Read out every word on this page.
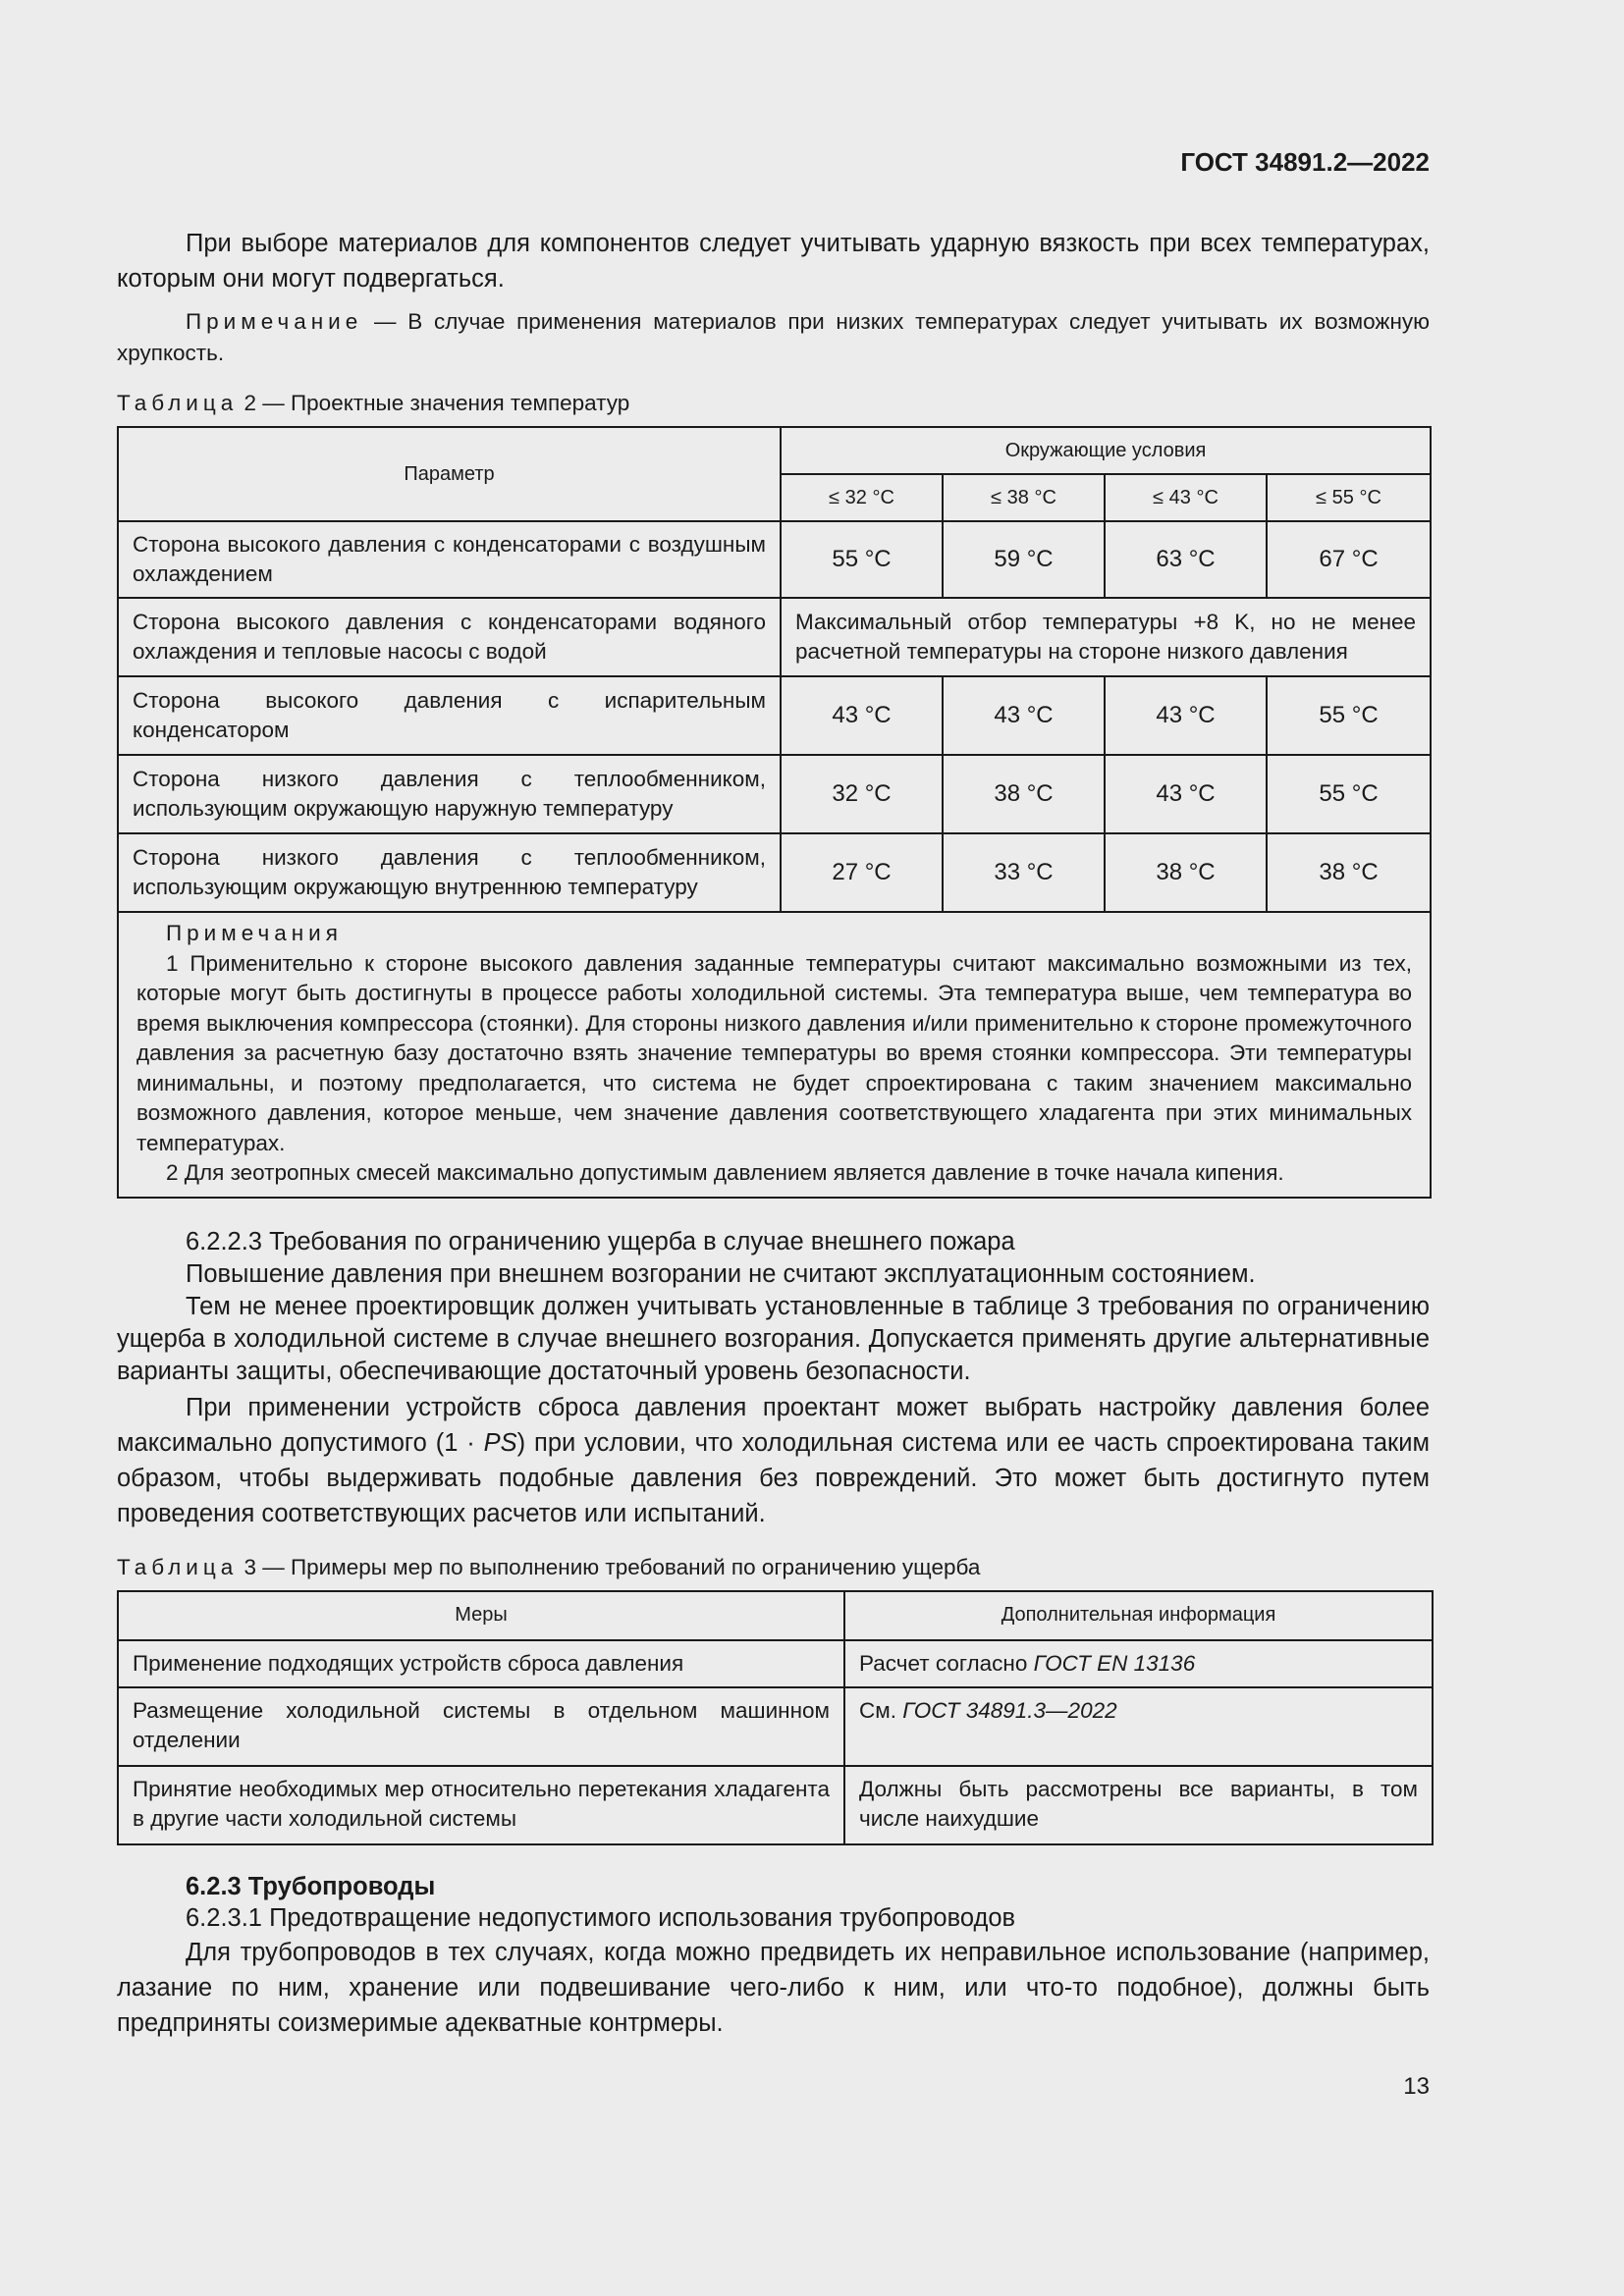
ГОСТ 34891.2—2022

При выборе материалов для компонентов следует учитывать ударную вязкость при всех температурах, которым они могут подвергаться.

Примечание — В случае применения материалов при низких температурах следует учитывать их возможную хрупкость.

Таблица 2 — Проектные значения температур

Параметр	Окружающие условия			
	≤ 32 °C	≤ 38 °C	≤ 43 °C	≤ 55 °C
Сторона высокого давления с конденсаторами с воздушным охлаждением	55 °C	59 °C	63 °C	67 °C
Сторона высокого давления с конденсаторами водяного охлаждения и тепловые насосы с водой	Максимальный отбор температуры +8 K, но не менее расчетной температуры на стороне низкого давления			
Сторона высокого давления с испарительным конденсатором	43 °C	43 °C	43 °C	55 °C
Сторона низкого давления с теплообменником, использующим окружающую наружную температуру	32 °C	38 °C	43 °C	55 °C
Сторона низкого давления с теплообменником, использующим окружающую внутреннюю температуру	27 °C	33 °C	38 °C	38 °C

Примечания

1 Применительно к стороне высокого давления заданные температуры считают максимально возможными из тех, которые могут быть достигнуты в процессе работы холодильной системы. Эта температура выше, чем температура во время выключения компрессора (стоянки). Для стороны низкого давления и/или применительно к стороне промежуточного давления за расчетную базу достаточно взять значение температуры во время стоянки компрессора. Эти температуры минимальны, и поэтому предполагается, что система не будет спроектирована с таким значением максимально возможного давления, которое меньше, чем значение давления соответствующего хладагента при этих минимальных температурах.

2 Для зеотропных смесей максимально допустимым давлением является давление в точке начала кипения.				

6.2.2.3 Требования по ограничению ущерба в случае внешнего пожара

Повышение давления при внешнем возгорании не считают эксплуатационным состоянием.

Тем не менее проектировщик должен учитывать установленные в таблице 3 требования по ограничению ущерба в холодильной системе в случае внешнего возгорания. Допускается применять другие альтернативные варианты защиты, обеспечивающие достаточный уровень безопасности.

При применении устройств сброса давления проектант может выбрать настройку давления более максимально допустимого (1 · PS) при условии, что холодильная система или ее часть спроектирована таким образом, чтобы выдерживать подобные давления без повреждений. Это может быть достигнуто путем проведения соответствующих расчетов или испытаний.

Таблица 3 — Примеры мер по выполнению требований по ограничению ущерба

Меры	Дополнительная информация
Применение подходящих устройств сброса давления	Расчет согласно ГОСТ EN 13136
Размещение холодильной системы в отдельном машинном отделении	См. ГОСТ 34891.3—2022
Принятие необходимых мер относительно перетекания хладагента в другие части холодильной системы	Должны быть рассмотрены все варианты, в том числе наихудшие

6.2.3 Трубопроводы

6.2.3.1 Предотвращение недопустимого использования трубопроводов

Для трубопроводов в тех случаях, когда можно предвидеть их неправильное использование (например, лазание по ним, хранение или подвешивание чего-либо к ним, или что-то подобное), должны быть предприняты соизмеримые адекватные контрмеры.

13
